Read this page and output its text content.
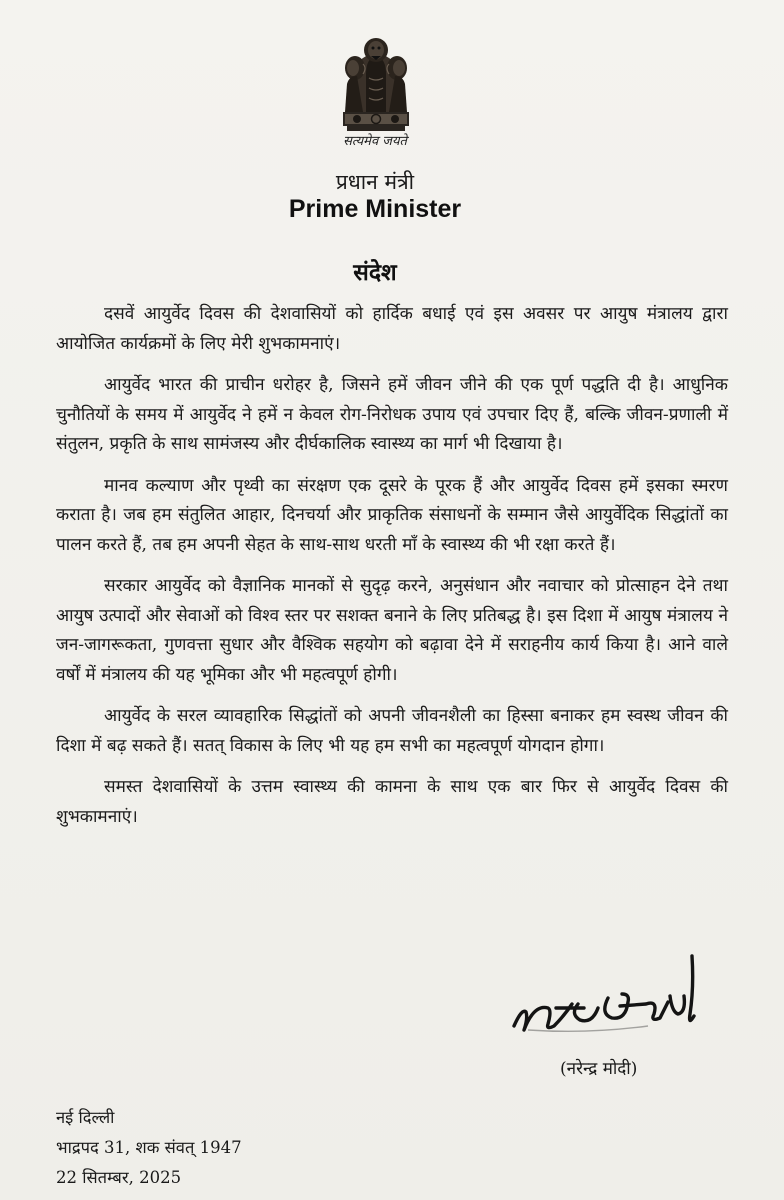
सत्यमेव जयते
प्रधान मंत्री
Prime Minister
संदेश

दसवें आयुर्वेद दिवस की देशवासियों को हार्दिक बधाई एवं इस अवसर पर आयुष मंत्रालय द्वारा आयोजित कार्यक्रमों के लिए मेरी शुभकामनाएं।

आयुर्वेद भारत की प्राचीन धरोहर है, जिसने हमें जीवन जीने की एक पूर्ण पद्धति दी है। आधुनिक चुनौतियों के समय में आयुर्वेद ने हमें न केवल रोग-निरोधक उपाय एवं उपचार दिए हैं, बल्कि जीवन-प्रणाली में संतुलन, प्रकृति के साथ सामंजस्य और दीर्घकालिक स्वास्थ्य का मार्ग भी दिखाया है।

मानव कल्याण और पृथ्वी का संरक्षण एक दूसरे के पूरक हैं और आयुर्वेद दिवस हमें इसका स्मरण कराता है। जब हम संतुलित आहार, दिनचर्या और प्राकृतिक संसाधनों के सम्मान जैसे आयुर्वेदिक सिद्धांतों का पालन करते हैं, तब हम अपनी सेहत के साथ-साथ धरती माँ के स्वास्थ्य की भी रक्षा करते हैं।

सरकार आयुर्वेद को वैज्ञानिक मानकों से सुदृढ़ करने, अनुसंधान और नवाचार को प्रोत्साहन देने तथा आयुष उत्पादों और सेवाओं को विश्व स्तर पर सशक्त बनाने के लिए प्रतिबद्ध है। इस दिशा में आयुष मंत्रालय ने जन-जागरूकता, गुणवत्ता सुधार और वैश्विक सहयोग को बढ़ावा देने में सराहनीय कार्य किया है। आने वाले वर्षों में मंत्रालय की यह भूमिका और भी महत्वपूर्ण होगी।

आयुर्वेद के सरल व्यावहारिक सिद्धांतों को अपनी जीवनशैली का हिस्सा बनाकर हम स्वस्थ जीवन की दिशा में बढ़ सकते हैं। सतत् विकास के लिए भी यह हम सभी का महत्वपूर्ण योगदान होगा।

समस्त देशवासियों के उत्तम स्वास्थ्य की कामना के साथ एक बार फिर से आयुर्वेद दिवस की शुभकामनाएं।

(नरेन्द्र मोदी)
नई दिल्ली
भाद्रपद 31, शक संवत् 1947
22 सितम्बर, 2025
